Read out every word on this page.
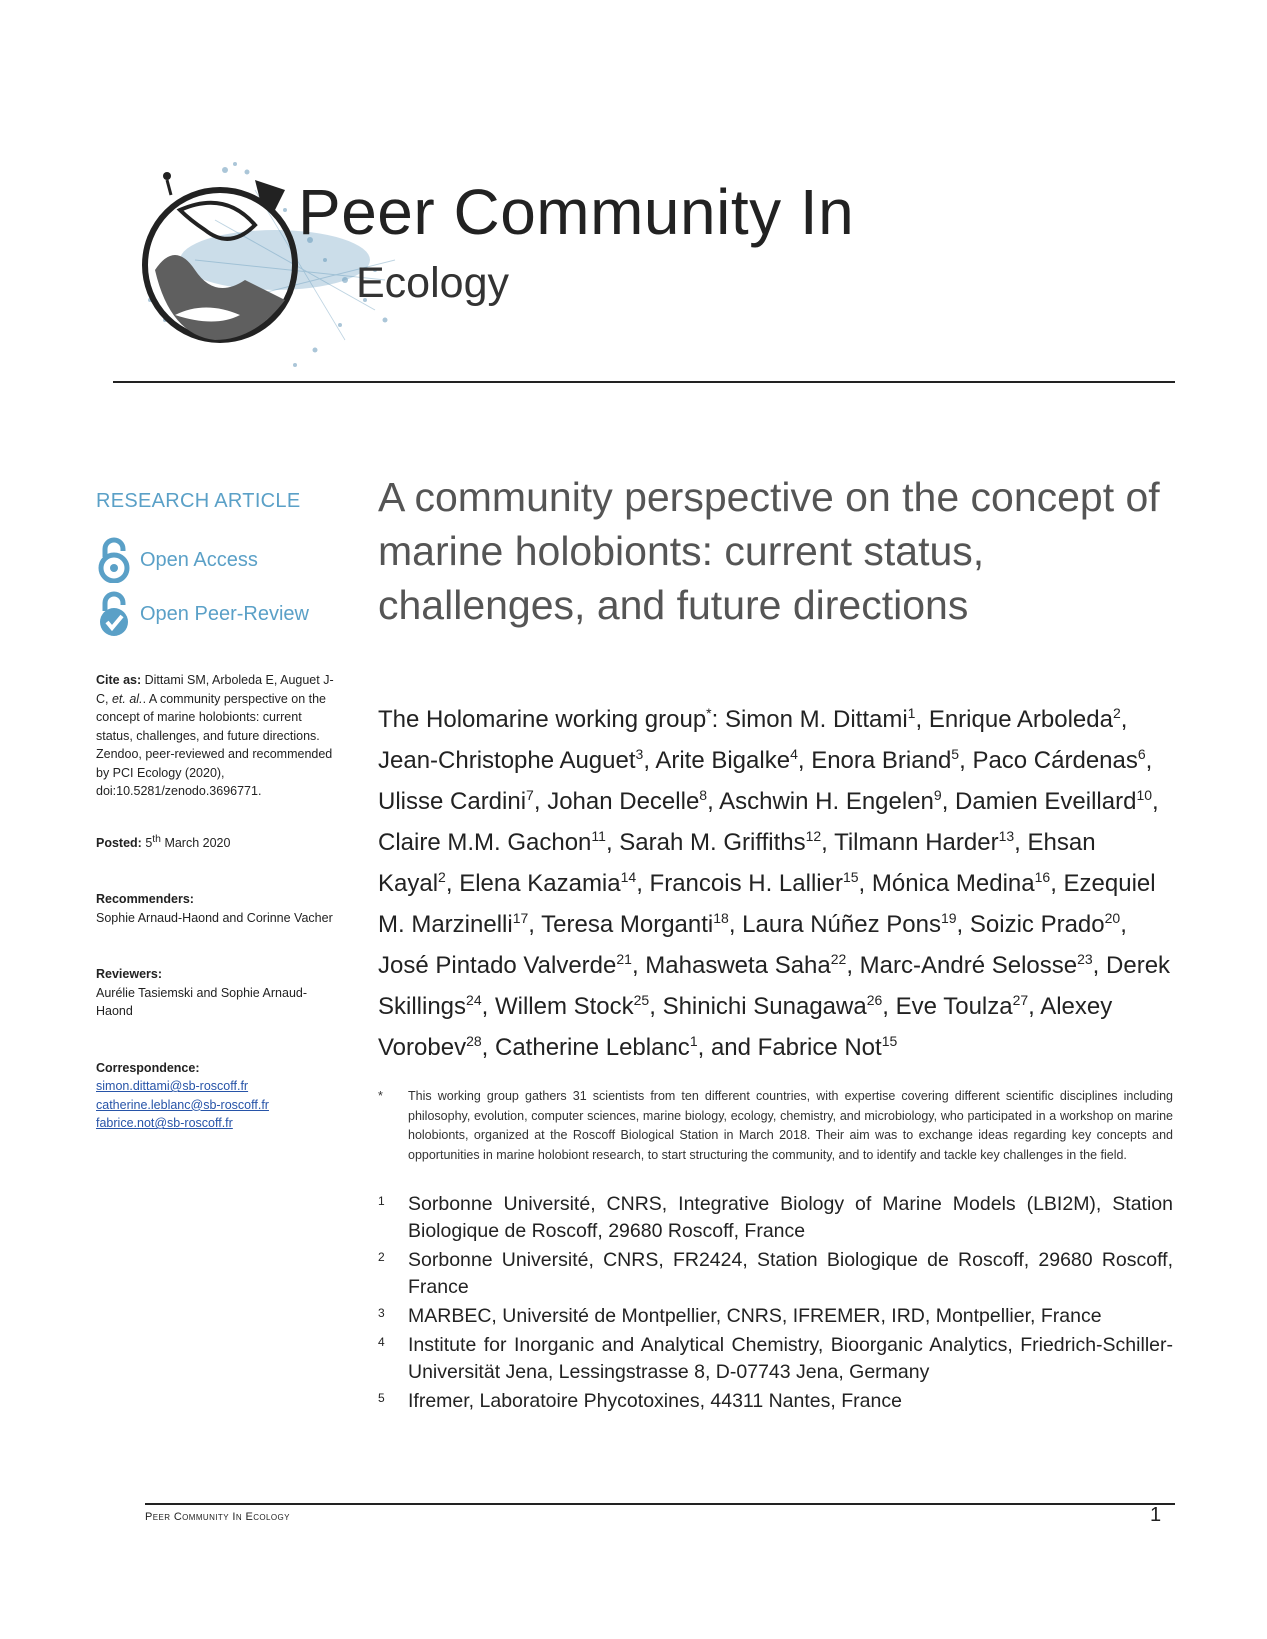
Peer Community In
Ecology
RESEARCH ARTICLE
Open Access
Open Peer-Review
Cite as: Dittami SM, Arboleda E, Auguet J-C, et. al.. A community perspective on the concept of marine holobionts: current status, challenges, and future directions. Zendoo, peer-reviewed and recommended by PCI Ecology (2020), doi:10.5281/zenodo.3696771.
Posted: 5th March 2020
Recommenders:
Sophie Arnaud-Haond and Corinne Vacher
Reviewers:
Aurélie Tasiemski and Sophie Arnaud-Haond
Correspondence:
simon.dittami@sb-roscoff.fr
catherine.leblanc@sb-roscoff.fr
fabrice.not@sb-roscoff.fr
A community perspective on the concept of marine holobionts: current status, challenges, and future directions
The Holomarine working group*: Simon M. Dittami$^1$, Enrique Arboleda$^2$, Jean-Christophe Auguet$^3$, Arite Bigalke$^4$, Enora Briand$^5$, Paco Cárdenas$^6$, Ulisse Cardini$^7$, Johan Decelle$^8$, Aschwin H. Engelen$^9$, Damien Eveillard$^{10}$, Claire M.M. Gachon$^{11}$, Sarah M. Griffiths$^{12}$, Tilmann Harder$^{13}$, Ehsan Kayal$^2$, Elena Kazamia$^{14}$, Francois H. Lallier$^{15}$, Mónica Medina$^{16}$, Ezequiel M. Marzinelli$^{17}$, Teresa Morganti$^{18}$, Laura Núñez Pons$^{19}$, Soizic Prado$^{20}$, José Pintado Valverde$^{21}$, Mahasweta Saha$^{22}$, Marc-André Selosse$^{23}$, Derek Skillings$^{24}$, Willem Stock$^{25}$, Shinichi Sunagawa$^{26}$, Eve Toulza$^{27}$, Alexey Vorobev$^{28}$, Catherine Leblanc$^1$, and Fabrice Not$^{15}$
*	This working group gathers 31 scientists from ten different countries, with expertise covering different scientific disciplines including philosophy, evolution, computer sciences, marine biology, ecology, chemistry, and microbiology, who participated in a workshop on marine holobionts, organized at the Roscoff Biological Station in March 2018. Their aim was to exchange ideas regarding key concepts and opportunities in marine holobiont research, to start structuring the community, and to identify and tackle key challenges in the field.
1	Sorbonne Université, CNRS, Integrative Biology of Marine Models (LBI2M), Station Biologique de Roscoff, 29680 Roscoff, France
2	Sorbonne Université, CNRS, FR2424, Station Biologique de Roscoff, 29680 Roscoff, France
3	MARBEC, Université de Montpellier, CNRS, IFREMER, IRD, Montpellier, France
4	Institute for Inorganic and Analytical Chemistry, Bioorganic Analytics, Friedrich-Schiller-Universität Jena, Lessingstrasse 8, D-07743 Jena, Germany
5	Ifremer, Laboratoire Phycotoxines, 44311 Nantes, France
Peer Community In Ecology	1
